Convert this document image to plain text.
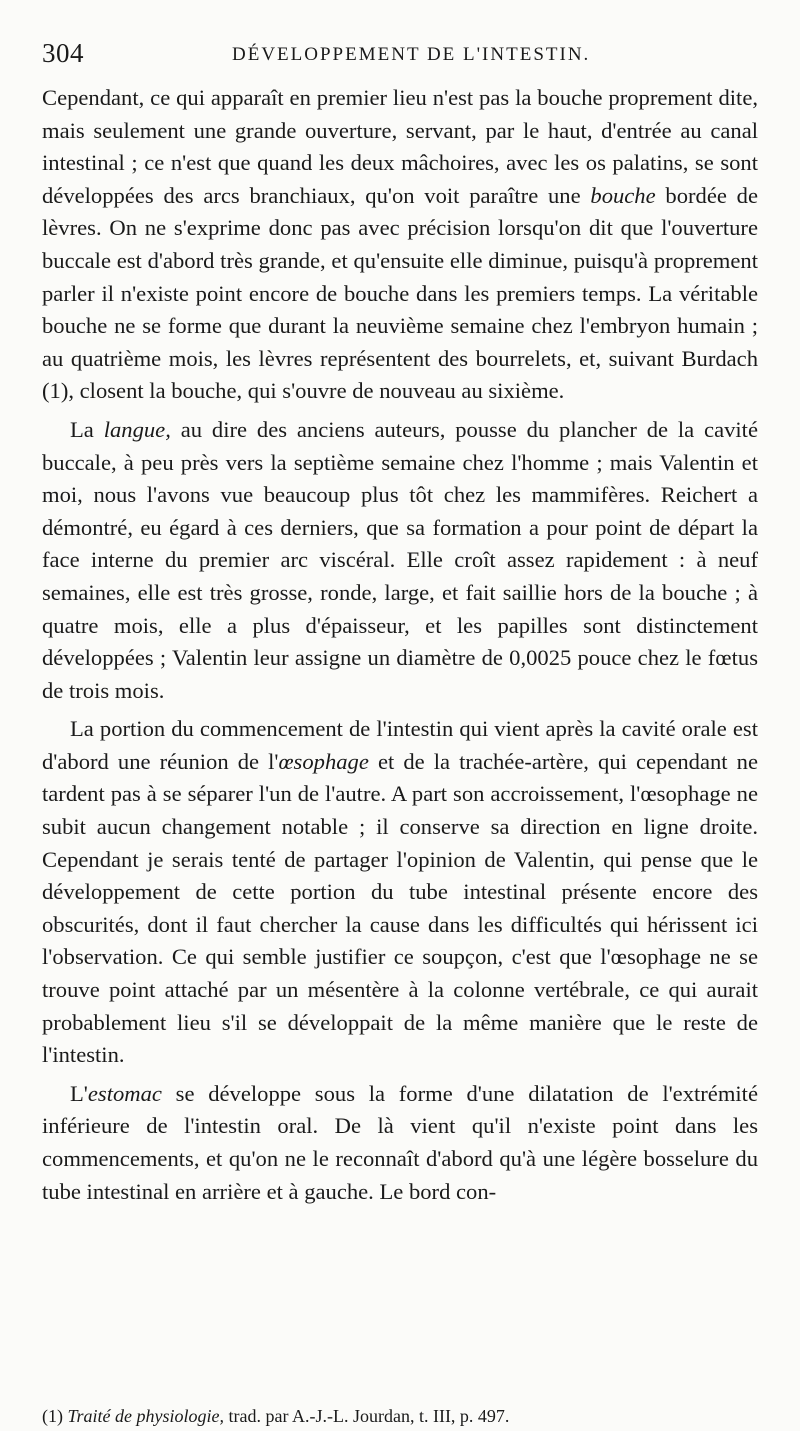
304	DÉVELOPPEMENT DE L'INTESTIN.

Cependant, ce qui apparaît en premier lieu n'est pas la bouche proprement dite, mais seulement une grande ouverture, servant, par le haut, d'entrée au canal intestinal ; ce n'est que quand les deux mâchoires, avec les os palatins, se sont développées des arcs branchiaux, qu'on voit paraître une bouche bordée de lèvres. On ne s'exprime donc pas avec précision lorsqu'on dit que l'ouverture buccale est d'abord très grande, et qu'ensuite elle diminue, puisqu'à proprement parler il n'existe point encore de bouche dans les premiers temps. La véritable bouche ne se forme que durant la neuvième semaine chez l'embryon humain ; au quatrième mois, les lèvres représentent des bourrelets, et, suivant Burdach (1), closent la bouche, qui s'ouvre de nouveau au sixième.

La langue, au dire des anciens auteurs, pousse du plancher de la cavité buccale, à peu près vers la septième semaine chez l'homme ; mais Valentin et moi, nous l'avons vue beaucoup plus tôt chez les mammifères. Reichert a démontré, eu égard à ces derniers, que sa formation a pour point de départ la face interne du premier arc viscéral. Elle croît assez rapidement : à neuf semaines, elle est très grosse, ronde, large, et fait saillie hors de la bouche ; à quatre mois, elle a plus d'épaisseur, et les papilles sont distinctement développées ; Valentin leur assigne un diamètre de 0,0025 pouce chez le fœtus de trois mois.

La portion du commencement de l'intestin qui vient après la cavité orale est d'abord une réunion de l'œsophage et de la trachée-artère, qui cependant ne tardent pas à se séparer l'un de l'autre. A part son accroissement, l'œsophage ne subit aucun changement notable ; il conserve sa direction en ligne droite. Cependant je serais tenté de partager l'opinion de Valentin, qui pense que le développement de cette portion du tube intestinal présente encore des obscurités, dont il faut chercher la cause dans les difficultés qui hérissent ici l'observation. Ce qui semble justifier ce soupçon, c'est que l'œsophage ne se trouve point attaché par un mésentère à la colonne vertébrale, ce qui aurait probablement lieu s'il se développait de la même manière que le reste de l'intestin.

L'estomac se développe sous la forme d'une dilatation de l'extrémité inférieure de l'intestin oral. De là vient qu'il n'existe point dans les commencements, et qu'on ne le reconnaît d'abord qu'à une légère bosselure du tube intestinal en arrière et à gauche. Le bord con-

(1) Traité de physiologie, trad. par A.-J.-L. Jourdan, t. III, p. 497.
